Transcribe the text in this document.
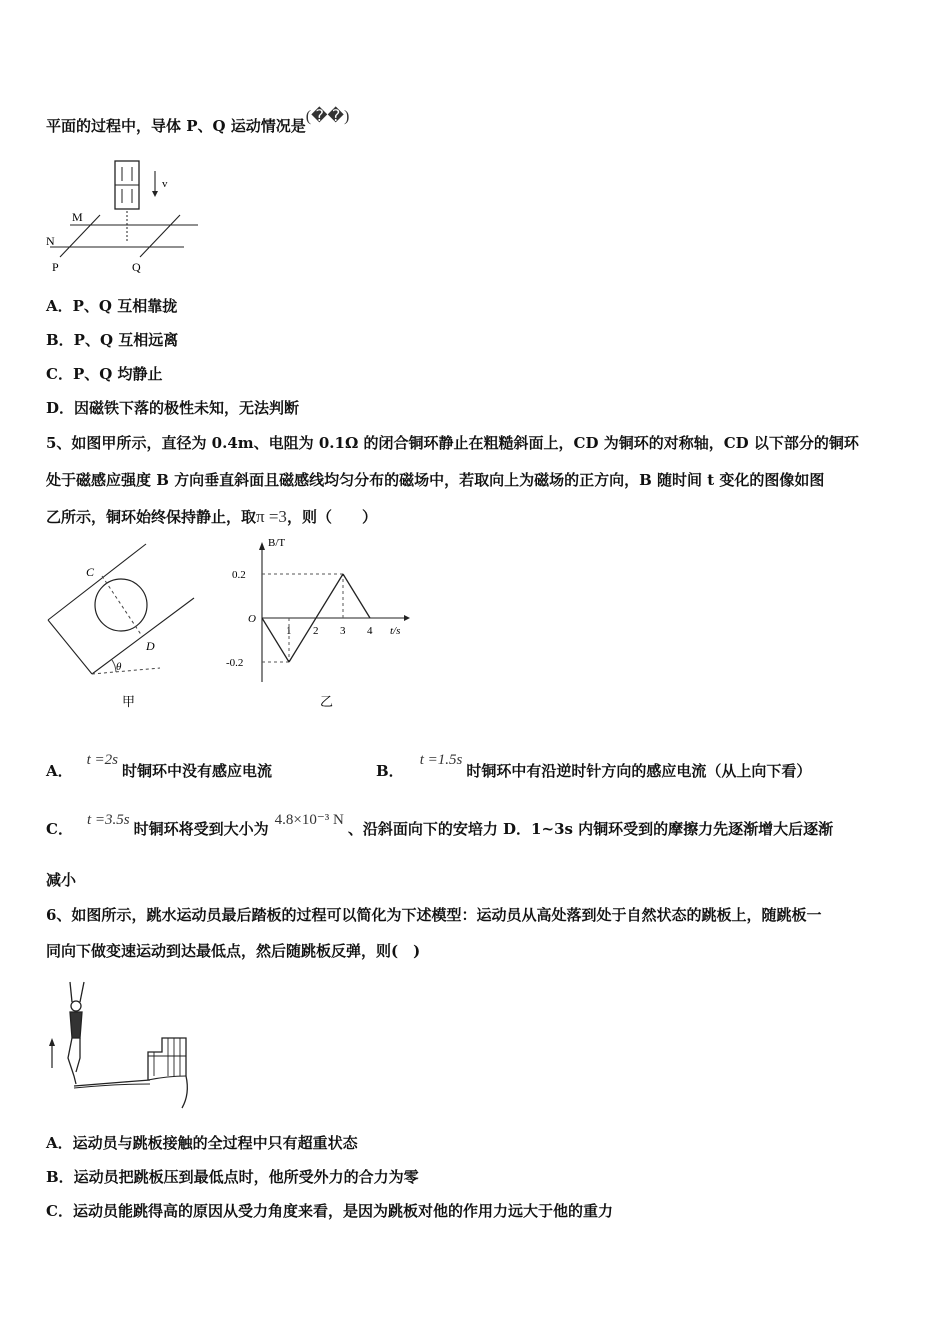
平面的过程中，导体 P、Q 运动情况是(��)
v
M
N
P	Q
A．P、Q 互相靠拢
B．P、Q 互相远离
C．P、Q 均静止
D．因磁铁下落的极性未知，无法判断
5、如图甲所示，直径为 0.4m、电阻为 0.1Ω 的闭合铜环静止在粗糙斜面上，CD 为铜环的对称轴，CD 以下部分的铜环
处于磁感应强度 B 方向垂直斜面且磁感线均匀分布的磁场中，若取向上为磁场的正方向，B 随时间 t 变化的图像如图
乙所示，铜环始终保持静止，取π =3，则（　　）
C
D
θ
甲
B/T
t/s
O
0.2
-0.2
1 2 3 4
乙
A．t =2s时铜环中没有感应电流	B．t =1.5s时铜环中有沿逆时针方向的感应电流（从上向下看）
C． t =3.5s 时铜环将受到大小为 4.8×10⁻³ N 、沿斜面向下的安培力 D．1~3s 内铜环受到的摩擦力先逐渐增大后逐渐
减小
6、如图所示，跳水运动员最后踏板的过程可以简化为下述模型：运动员从高处落到处于自然状态的跳板上，随跳板一
同向下做变速运动到达最低点，然后随跳板反弹，则(　)
A．运动员与跳板接触的全过程中只有超重状态
B．运动员把跳板压到最低点时，他所受外力的合力为零
C．运动员能跳得高的原因从受力角度来看，是因为跳板对他的作用力远大于他的重力
